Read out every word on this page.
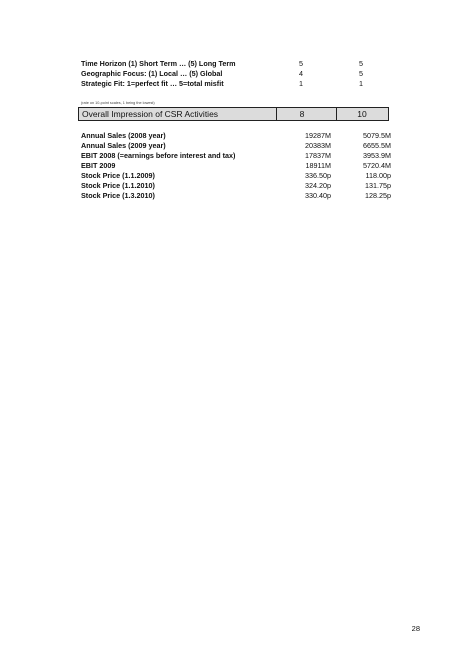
Time Horizon (1) Short Term … (5) Long Term	5	5
Geographic Focus: (1) Local … (5) Global	4	5
Strategic Fit: 1=perfect fit … 5=total misfit	1	1
(rate on 10-point scales, 1 being the lowest)
Overall Impression of CSR Activities	8	10
Annual Sales (2008 year)	19287M	5079.5M
Annual Sales (2009 year)	20383M	6655.5M
EBIT 2008 (=earnings before interest and tax)	17837M	3953.9M
EBIT 2009	18911M	5720.4M
Stock Price (1.1.2009)	336.50p	118.00p
Stock Price (1.1.2010)	324.20p	131.75p
Stock Price (1.3.2010)	330.40p	128.25p
28
